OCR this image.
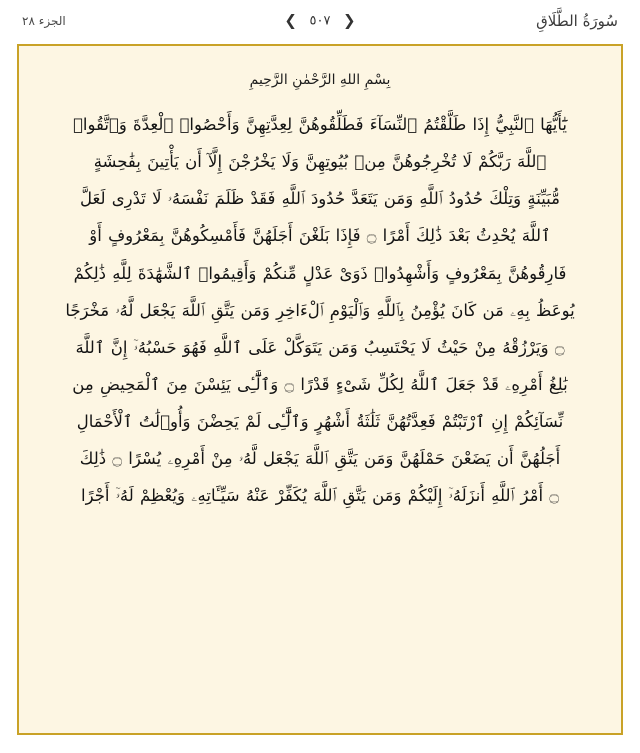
سُورَةُ الطَّلَاقِ
❮ ٥٠٧ ❯
الجزء ٢٨
بِسْمِ اللهِ الرَّحْمٰنِ الرَّحِيمِ
يَٰٓأَيُّهَا ٱلنَّبِيُّ إِذَا طَلَّقْتُمُ ٱلنِّسَآءَ فَطَلِّقُوهُنَّ لِعِدَّتِهِنَّ وَأَحْصُوا۟ ٱلْعِدَّةَ وَٱتَّقُوا۟
ٱللَّهَ رَبَّكُمْ لَا تُخْرِجُوهُنَّ مِنۢ بُيُوتِهِنَّ وَلَا يَخْرُجْنَ إِلَّآ أَن يَأْتِينَ بِفَٰحِشَةٍ
مُّبَيِّنَةٍ وَتِلْكَ حُدُودُ ٱللَّهِ وَمَن يَتَعَدَّ حُدُودَ ٱللَّهِ فَقَدْ ظَلَمَ نَفْسَهُۥ لَا تَدْرِى لَعَلَّ
ٱللَّهَ يُحْدِثُ بَعْدَ ذَٰلِكَ أَمْرًا ۝ فَإِذَا بَلَغْنَ أَجَلَهُنَّ فَأَمْسِكُوهُنَّ بِمَعْرُوفٍ أَوْ
فَارِقُوهُنَّ بِمَعْرُوفٍ وَأَشْهِدُوا۟ ذَوَىْ عَدْلٍ مِّنكُمْ وَأَقِيمُوا۟ ٱلشَّهَٰدَةَ لِلَّهِ ذَٰلِكُمْ
يُوعَظُ بِهِۦ مَن كَانَ يُؤْمِنُ بِٱللَّهِ وَٱلْيَوْمِ ٱلْءَاخِرِ وَمَن يَتَّقِ ٱللَّهَ يَجْعَل لَّهُۥ مَخْرَجًا
۝ وَيَرْزُقْهُ مِنْ حَيْثُ لَا يَحْتَسِبُ وَمَن يَتَوَكَّلْ عَلَى ٱللَّهِ فَهُوَ حَسْبُهُۥٓ إِنَّ ٱللَّهَ
بَٰلِغُ أَمْرِهِۦ قَدْ جَعَلَ ٱللَّهُ لِكُلِّ شَىْءٍ قَدْرًا ۝ وَٱلَّٰٓـِٔى يَئِسْنَ مِنَ ٱلْمَحِيضِ مِن
نِّسَآئِكُمْ إِنِ ٱرْتَبْتُمْ فَعِدَّتُهُنَّ ثَلَٰثَةُ أَشْهُرٍ وَٱلَّٰٓـِٔى لَمْ يَحِضْنَ وَأُو۟لَٰتُ ٱلْأَحْمَالِ
أَجَلُهُنَّ أَن يَضَعْنَ حَمْلَهُنَّ وَمَن يَتَّقِ ٱللَّهَ يَجْعَل لَّهُۥ مِنْ أَمْرِهِۦ يُسْرًا ۝ ذَٰلِكَ
۝ أَمْرُ ٱللَّهِ أَنزَلَهُۥٓ إِلَيْكُمْ وَمَن يَتَّقِ ٱللَّهَ يُكَفِّرْ عَنْهُ سَيِّـَٔاتِهِۦ وَيُعْظِمْ لَهُۥٓ أَجْرًا
